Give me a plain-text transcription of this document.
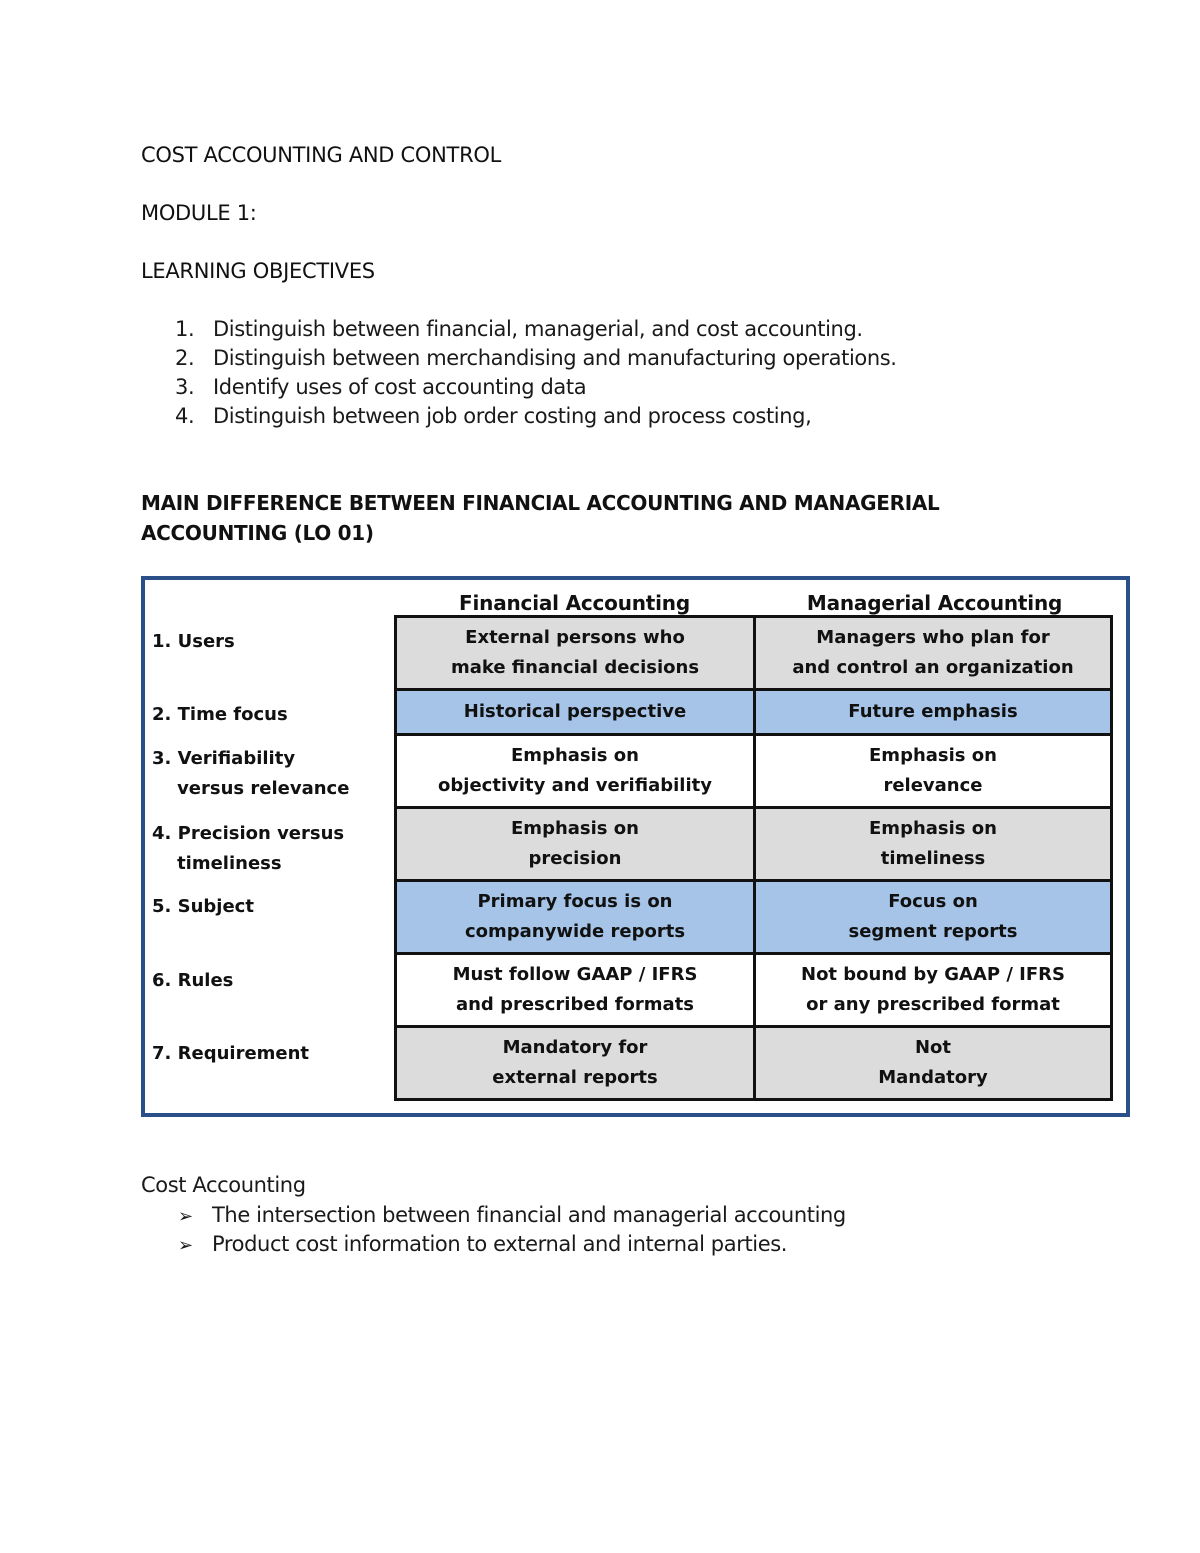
COST ACCOUNTING AND CONTROL
MODULE 1:
LEARNING OBJECTIVES
1. Distinguish between financial, managerial, and cost accounting.
2. Distinguish between merchandising and manufacturing operations.
3. Identify uses of cost accounting data
4. Distinguish between job order costing and process costing,
MAIN DIFFERENCE BETWEEN FINANCIAL ACCOUNTING AND MANAGERIAL ACCOUNTING (LO 01)
Financial Accounting	Managerial Accounting
1. Users
2. Time focus
3. Verifiability
versus relevance
4. Precision versus
timeliness
5. Subject
6. Rules
7. Requirement
External persons who
make financial decisions
Managers who plan for
and control an organization
Historical perspective	Future emphasis
Emphasis on
objectivity and verifiability
Emphasis on
relevance
Emphasis on
precision
Emphasis on
timeliness
Primary focus is on
companywide reports
Focus on
segment reports
Must follow GAAP / IFRS
and prescribed formats
Not bound by GAAP / IFRS
or any prescribed format
Mandatory for
external reports
Not
Mandatory
Cost Accounting
➢ The intersection between financial and managerial accounting
➢ Product cost information to external and internal parties.
